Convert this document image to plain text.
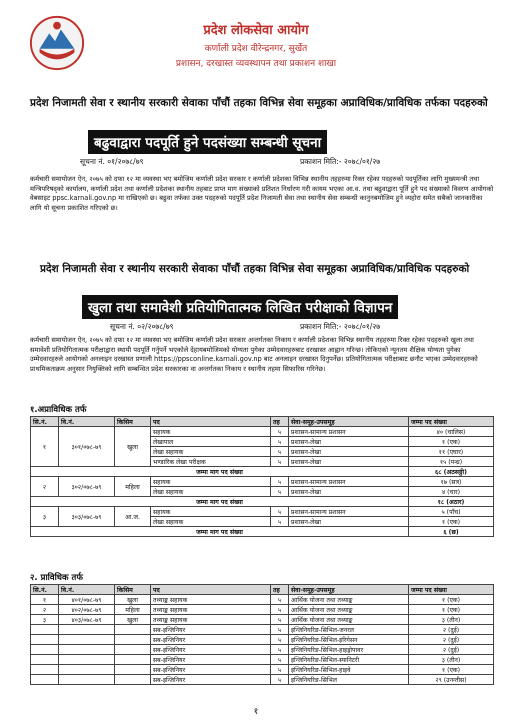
प्रदेश लोकसेवा आयोग
कर्णाली प्रदेश वीरेन्द्रनगर, सुर्खेत
प्रशासन, दरखास्त व्यवस्थापन तथा प्रकाशन शाखा
प्रदेश निजामती सेवा र स्थानीय सरकारी सेवाका पाँचौं तहका विभिन्न सेवा समूहका अप्राविधिक/प्राविधिक तर्फका पदहरुको
बढुवाद्वारा पदपूर्ति हुने पदसंख्या सम्बन्धी सूचना
सूचना नं. ०१/२०७८/७९	प्रकाशन मिति:- २०७८/०१/२७
कर्मचारी समायोजन ऐन, २०७५ को दफा १२ मा व्यवस्था भए बमोजिम कर्णाली प्रदेश सरकार र कर्णाली प्रदेशका विभिन्न स्थानीय तहहरुमा रिक्त रहेका पदहरुको पदपूर्तिका लागि मुख्यमन्त्री तथा मन्त्रिपरिषद्को कार्यालय, कर्णाली प्रदेश तथा कर्णाली प्रदेशका स्थानीय तहबाट प्राप्त माग संख्याको प्रतिशत निर्धारण गरी कायम भएका आ.व. तथा बढुवाद्वारा पूर्ति हुने पद संख्याको विवरण आयोगको वेबसाइट ppsc.karnali.gov.np मा राखिएको छ। बढुवा तर्फका उक्त पदहरुको पदपूर्ति प्रदेश निजामती सेवा तथा स्थानीय सेवा सम्बन्धी कानुनबमोजिम हुने व्यहोरा समेत सबैको जानकारीका लागि यो सूचना प्रकाशित गरिएको छ।
प्रदेश निजामती सेवा र स्थानीय सरकारी सेवाका पाँचौं तहका विभिन्न सेवा समूहका अप्राविधिक/प्राविधिक पदहरुको
खुला तथा समावेशी प्रतियोगितात्मक लिखित परीक्षाको विज्ञापन
सूचना नं. ०२/२०७८/७९	प्रकाशन मिति:- २०७८/०१/२७
कर्मचारी समायोजन ऐन, २०७५ को दफा १२ मा व्यवस्था भए बमोजिम कर्णाली प्रदेश सरकार अन्तर्गतका निकाय र कर्णाली प्रदेशका विभिन्न स्थानीय तहहरुमा रिक्त रहेका पदहरुको खुला तथा समावेशी प्रतियोगितात्मक परीक्षाद्वारा स्थायी पदपूर्ति गर्नुपर्ने भएकोले देहायबमोजिमको योग्यता पुगेका उम्मेदवारहरुबाट दरखास्त आह्वान गरिन्छ। तोकिएको न्यूनतम शैक्षिक योग्यता पुगेका उम्मेदवारहरुले आयोगको अनलाइन दरखास्त प्रणाली https://ppsconline.karnali.gov.np बाट अनलाइन दरखास्त दिनुपर्नेछ। प्रतियोगितात्मक परीक्षाबाट छनौट भएका उम्मेदवारहरुको प्राथमिकताक्रम अनुसार नियुक्तिको लागि सम्बन्धित प्रदेश सरकारका वा अन्तर्गतका निकाय र स्थानीय तहमा सिफारिस गरिनेछ।
१.अप्राविधिक तर्फ
सि.नं.	वि.नं.	किसिम	पद	तह	सेवा-समूह-उपसमूह	जम्मा पद संख्या
१	३०१/०७८-७९	खुला	सहायक	५	प्रशासन-सामान्य प्रशासन	४० (चालिस)
			लेखापाल	५	प्रशासन-लेखा	१ (एक)
			लेखा सहायक	५	प्रशासन-लेखा	११ (एघार)
			भण्डारिक लेखा परीक्षक	५	प्रशासन-लेखा	१५ (पन्ध्र)
जम्मा माग पद संख्या						६८ (अठसठ्ठी)
२	३०२/०७८-७९	महिला	सहायक	५	प्रशासन-सामान्य प्रशासन	१७ (सत्र)
			लेखा सहायक	५	प्रशासन-लेखा	४ (चार)
जम्मा माग पद संख्या						१८ (अठार)
३	३०३/०७८-७९	आ.ज.	सहायक	५	प्रशासन-सामान्य प्रशासन	५ (पाँच)
			लेखा सहायक	५	प्रशासन-लेखा	१ (एक)
जम्मा माग पद संख्या						६ (छ)
२. प्राविधिक तर्फ
सि.नं.	वि.नं.	किसिम	पद	तह	सेवा-समूह-उपसमूह	जम्मा पद संख्या
१	४०१/०७८-७९	खुला	तथ्याङ्क सहायक	५	आर्थिक योजना तथा तथ्याङ्क	१ (एक)
२	४०२/०७८-७९	महिला	तथ्याङ्क सहायक	५	आर्थिक योजना तथा तथ्याङ्क	१ (एक)
३	४०३/०७८-७९	खुला	तथ्याङ्क सहायक	५	आर्थिक योजना तथा तथ्याङ्क	३ (तीन)
			सब-इन्जिनियर	५	इन्जिनियरिङ-सिभिल-जनरल	२ (दुई)
			सब-इन्जिनियर	५	इन्जिनियरिङ-सिभिल-इरिगेसन	२ (दुई)
			सब-इन्जिनियर	५	इन्जिनियरिङ-सिभिल-हाइड्रोपावर	२ (दुई)
			सब-इन्जिनियर	५	इन्जिनियरिङ-सिभिल-स्यानिटरी	३ (तीन)
			सब-इन्जिनियर	५	इन्जिनियरिङ-सिभिल-हाइवे	१ (एक)
			सब-इन्जिनियर	५	इन्जिनियरिङ-सिभिल	२९ (उनन्तीस)
१
